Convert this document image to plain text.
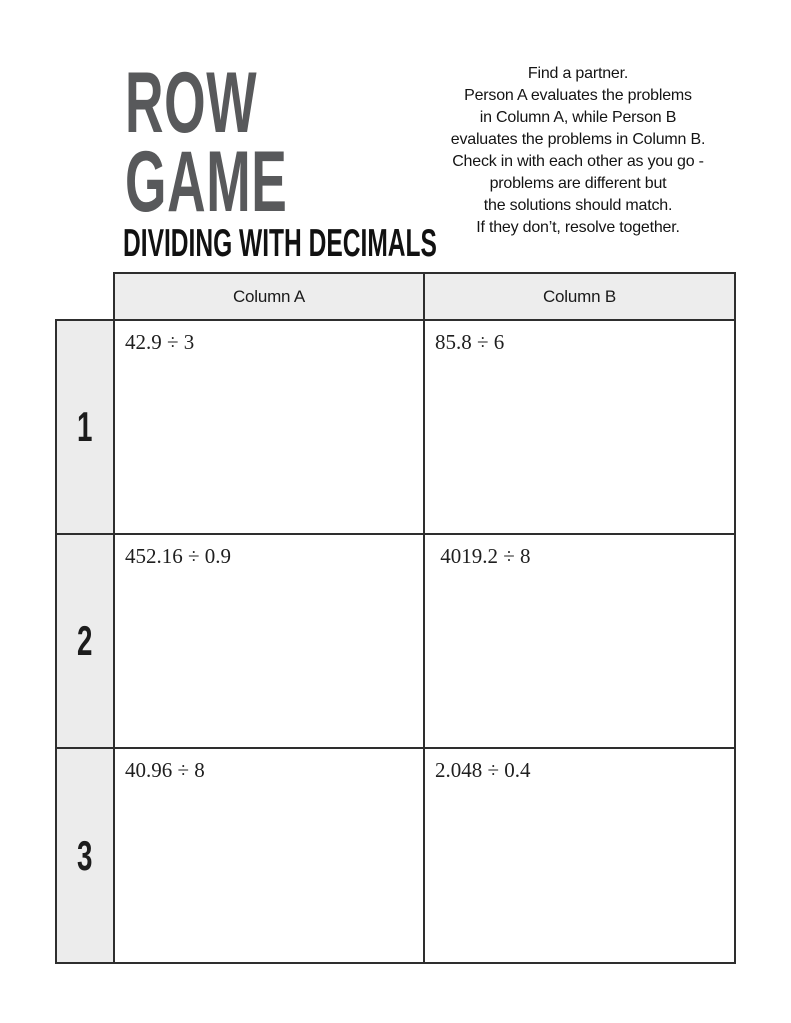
ROW
GAME
DIVIDING WITH DECIMALS
Find a partner.
Person A evaluates the problems
in Column A, while Person B
evaluates the problems in Column B.
Check in with each other as you go -
problems are different but
the solutions should match.
If they don’t, resolve together.
	Column A	Column B
1	42.9 ÷ 3	85.8 ÷ 6
2	452.16 ÷ 0.9	4019.2 ÷ 8
3	40.96 ÷ 8	2.048 ÷ 0.4
